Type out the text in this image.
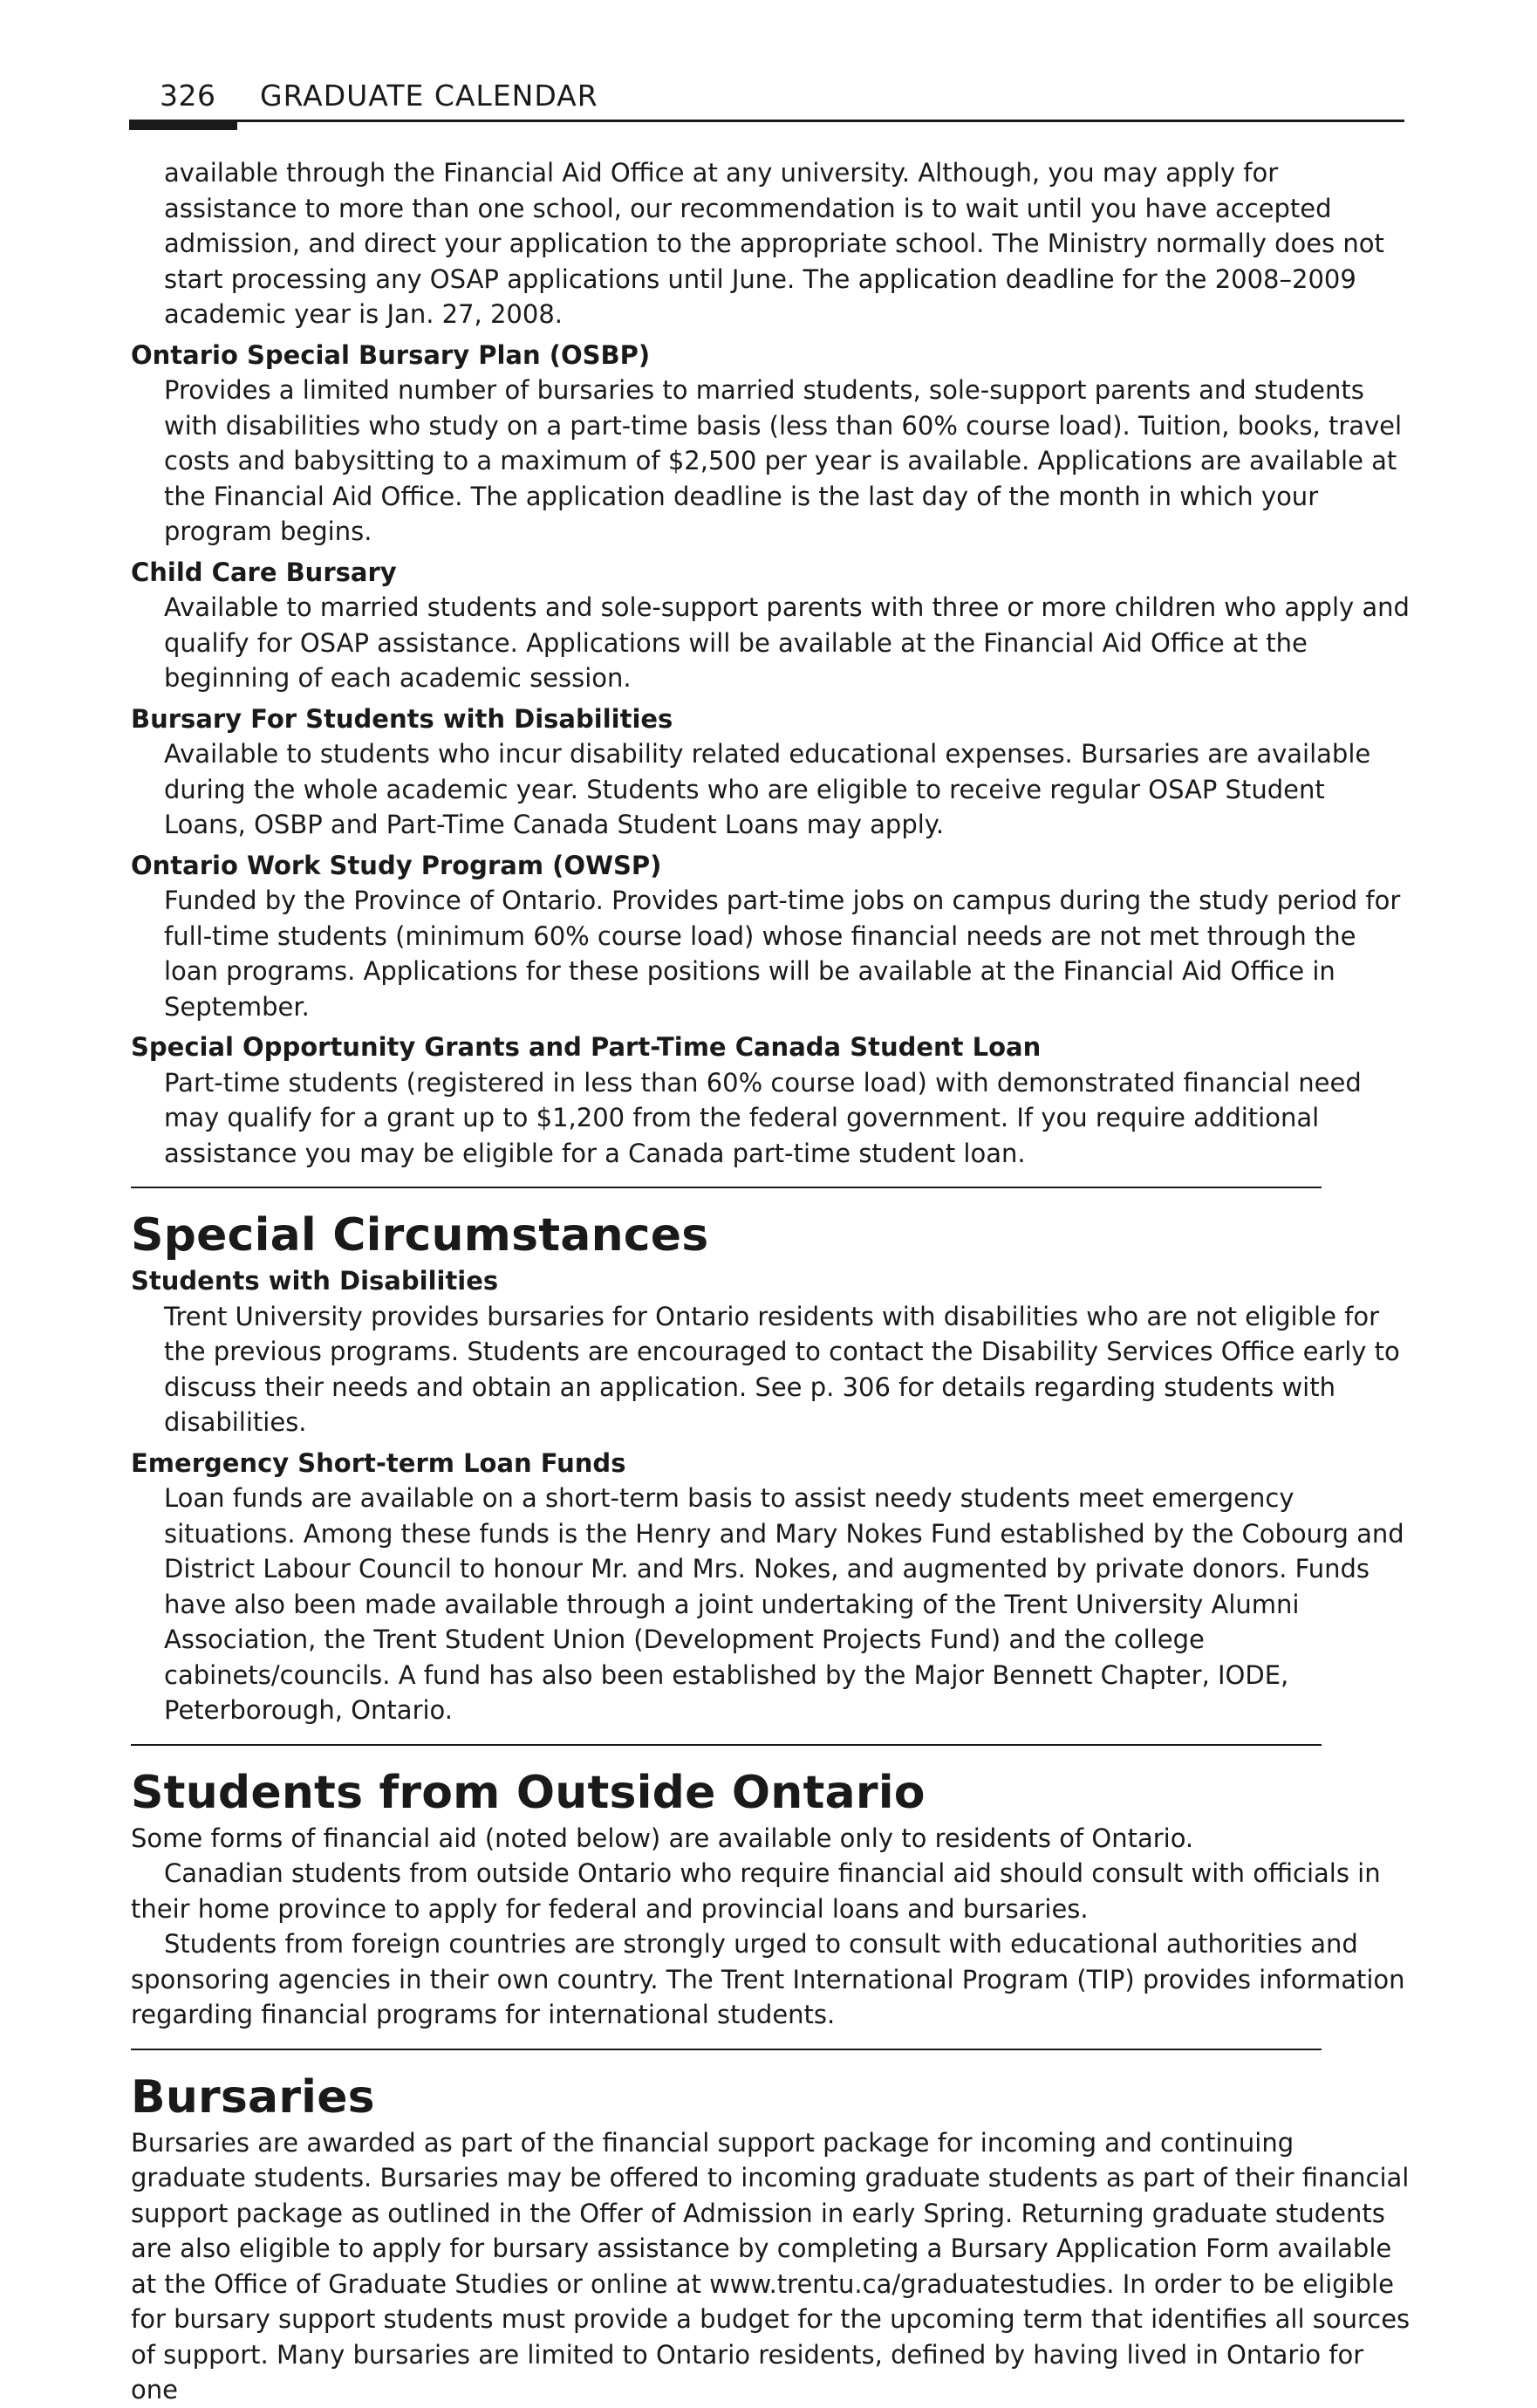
326 GRADUATE CALENDAR

available through the Financial Aid Office at any university. Although, you may apply for assistance to more than one school, our recommendation is to wait until you have accepted admission, and direct your application to the appropriate school. The Ministry normally does not start processing any OSAP applications until June. The application deadline for the 2008–2009 academic year is Jan. 27, 2008.

Ontario Special Bursary Plan (OSBP)

Provides a limited number of bursaries to married students, sole-support parents and students with disabilities who study on a part-time basis (less than 60% course load). Tuition, books, travel costs and babysitting to a maximum of $2,500 per year is available. Applications are available at the Financial Aid Office. The application deadline is the last day of the month in which your program begins.

Child Care Bursary

Available to married students and sole-support parents with three or more children who apply and qualify for OSAP assistance. Applications will be available at the Financial Aid Office at the beginning of each academic session.

Bursary For Students with Disabilities

Available to students who incur disability related educational expenses. Bursaries are available during the whole academic year. Students who are eligible to receive regular OSAP Student Loans, OSBP and Part-Time Canada Student Loans may apply.

Ontario Work Study Program (OWSP)

Funded by the Province of Ontario. Provides part-time jobs on campus during the study period for full-time students (minimum 60% course load) whose financial needs are not met through the loan programs. Applications for these positions will be available at the Financial Aid Office in September.

Special Opportunity Grants and Part-Time Canada Student Loan

Part-time students (registered in less than 60% course load) with demonstrated financial need may qualify for a grant up to $1,200 from the federal government. If you require additional assistance you may be eligible for a Canada part-time student loan.

Special Circumstances
Students with Disabilities

Trent University provides bursaries for Ontario residents with disabilities who are not eligible for the previous programs. Students are encouraged to contact the Disability Services Office early to discuss their needs and obtain an application. See p. 306 for details regarding students with disabilities.

Emergency Short-term Loan Funds

Loan funds are available on a short-term basis to assist needy students meet emergency situations. Among these funds is the Henry and Mary Nokes Fund established by the Cobourg and District Labour Council to honour Mr. and Mrs. Nokes, and augmented by private donors. Funds have also been made available through a joint undertaking of the Trent University Alumni Association, the Trent Student Union (Development Projects Fund) and the college cabinets/councils. A fund has also been established by the Major Bennett Chapter, IODE, Peterborough, Ontario.

Students from Outside Ontario

Some forms of financial aid (noted below) are available only to residents of Ontario.

Canadian students from outside Ontario who require financial aid should consult with officials in their home province to apply for federal and provincial loans and bursaries.

Students from foreign countries are strongly urged to consult with educational authorities and sponsoring agencies in their own country. The Trent International Program (TIP) provides information regarding financial programs for international students.

Bursaries

Bursaries are awarded as part of the financial support package for incoming and continuing graduate students. Bursaries may be offered to incoming graduate students as part of their financial support package as outlined in the Offer of Admission in early Spring. Returning graduate students are also eligible to apply for bursary assistance by completing a Bursary Application Form available at the Office of Graduate Studies or online at www.trentu.ca/graduatestudies. In order to be eligible for bursary support students must provide a budget for the upcoming term that identifies all sources of support. Many bursaries are limited to Ontario residents, defined by having lived in Ontario for one
